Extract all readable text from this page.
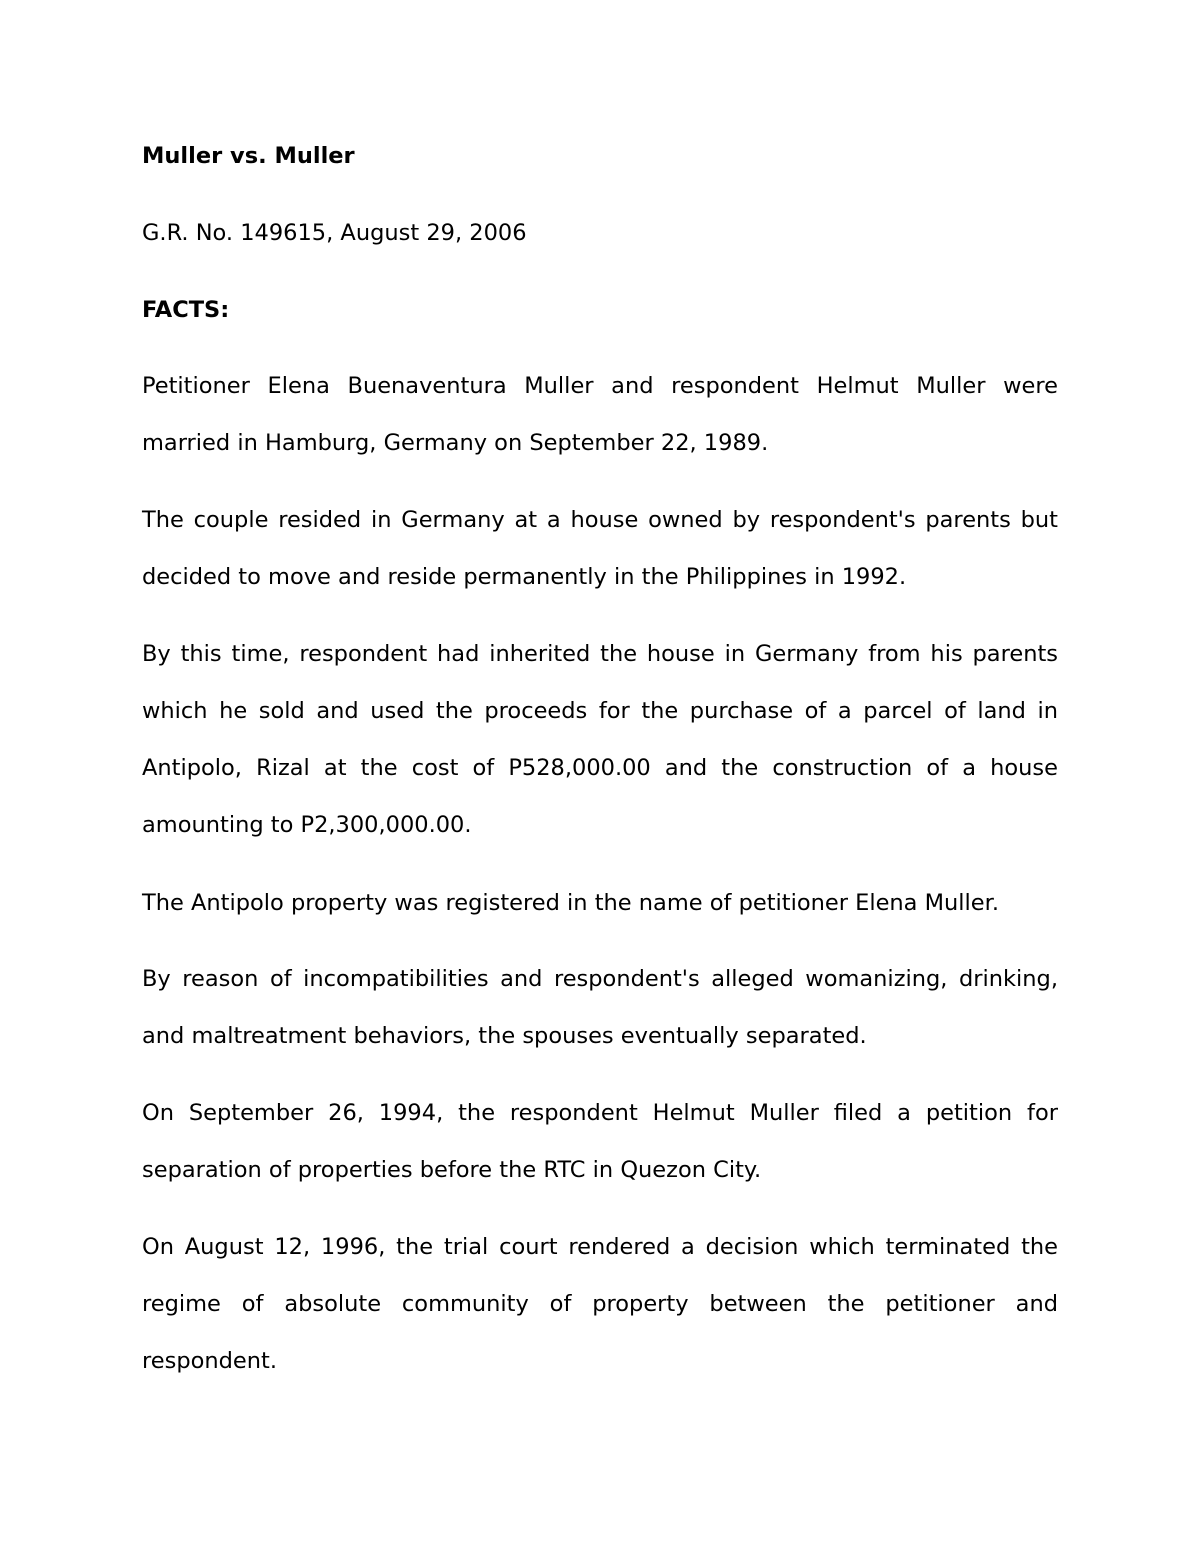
Muller vs. Muller

G.R. No. 149615, August 29, 2006

FACTS:

Petitioner Elena Buenaventura Muller and respondent Helmut Muller were married in Hamburg, Germany on September 22, 1989.

The couple resided in Germany at a house owned by respondent's parents but decided to move and reside permanently in the Philippines in 1992.

By this time, respondent had inherited the house in Germany from his parents which he sold and used the proceeds for the purchase of a parcel of land in Antipolo, Rizal at the cost of P528,000.00 and the construction of a house amounting to P2,300,000.00.

The Antipolo property was registered in the name of petitioner Elena Muller.

By reason of incompatibilities and respondent's alleged womanizing, drinking, and maltreatment behaviors, the spouses eventually separated.

On September 26, 1994, the respondent Helmut Muller filed a petition for separation of properties before the RTC in Quezon City.

On August 12, 1996, the trial court rendered a decision which terminated the regime of absolute community of property between the petitioner and respondent.
